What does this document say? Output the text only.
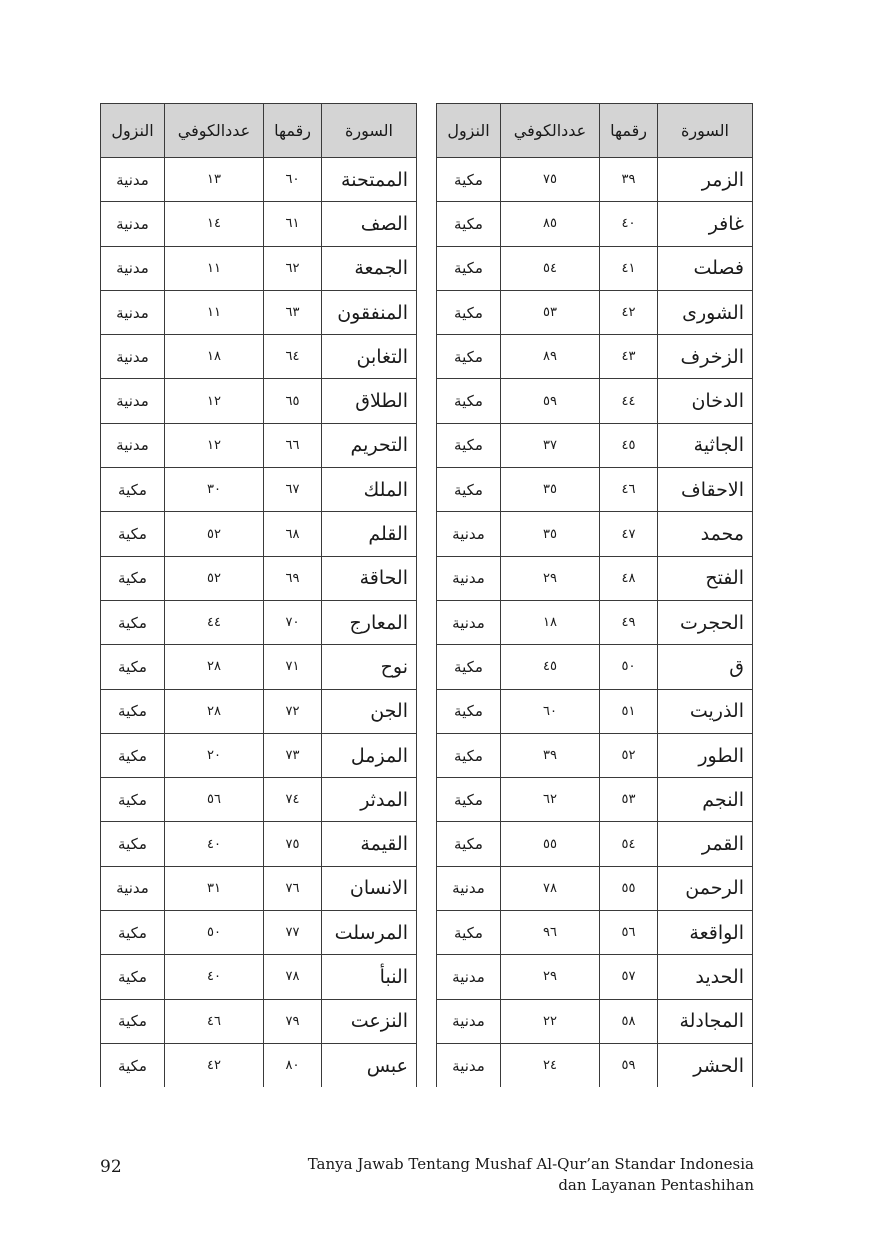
النزول	عددالكوفي	رقمها	السورة
مدنية	١٣	٦٠	الممتحنة
مدنية	١٤	٦١	الصف
مدنية	١١	٦٢	الجمعة
مدنية	١١	٦٣	المنفقون
مدنية	١٨	٦٤	التغابن
مدنية	١٢	٦٥	الطلاق
مدنية	١٢	٦٦	التحريم
مكية	٣٠	٦٧	الملك
مكية	٥٢	٦٨	القلم
مكية	٥٢	٦٩	الحاقة
مكية	٤٤	٧٠	المعارج
مكية	٢٨	٧١	نوح
مكية	٢٨	٧٢	الجن
مكية	٢٠	٧٣	المزمل
مكية	٥٦	٧٤	المدثر
مكية	٤٠	٧٥	القيمة
مدنية	٣١	٧٦	الانسان
مكية	٥٠	٧٧	المرسلت
مكية	٤٠	٧٨	النبأ
مكية	٤٦	٧٩	النزعت
مكية	٤٢	٨٠	عبس
النزول	عددالكوفي	رقمها	السورة
مكية	٧٥	٣٩	الزمر
مكية	٨٥	٤٠	غافر
مكية	٥٤	٤١	فصلت
مكية	٥٣	٤٢	الشورى
مكية	٨٩	٤٣	الزخرف
مكية	٥٩	٤٤	الدخان
مكية	٣٧	٤٥	الجاثية
مكية	٣٥	٤٦	الاحقاف
مدنية	٣٥	٤٧	محمد
مدنية	٢٩	٤٨	الفتح
مدنية	١٨	٤٩	الحجرت
مكية	٤٥	٥٠	ق
مكية	٦٠	٥١	الذريت
مكية	٣٩	٥٢	الطور
مكية	٦٢	٥٣	النجم
مكية	٥٥	٥٤	القمر
مدنية	٧٨	٥٥	الرحمن
مكية	٩٦	٥٦	الواقعة
مدنية	٢٩	٥٧	الحديد
مدنية	٢٢	٥٨	المجادلة
مدنية	٢٤	٥٩	الحشر
92	Tanya Jawab Tentang Mushaf Al-Qur’an Standar Indonesia
dan Layanan Pentashihan
